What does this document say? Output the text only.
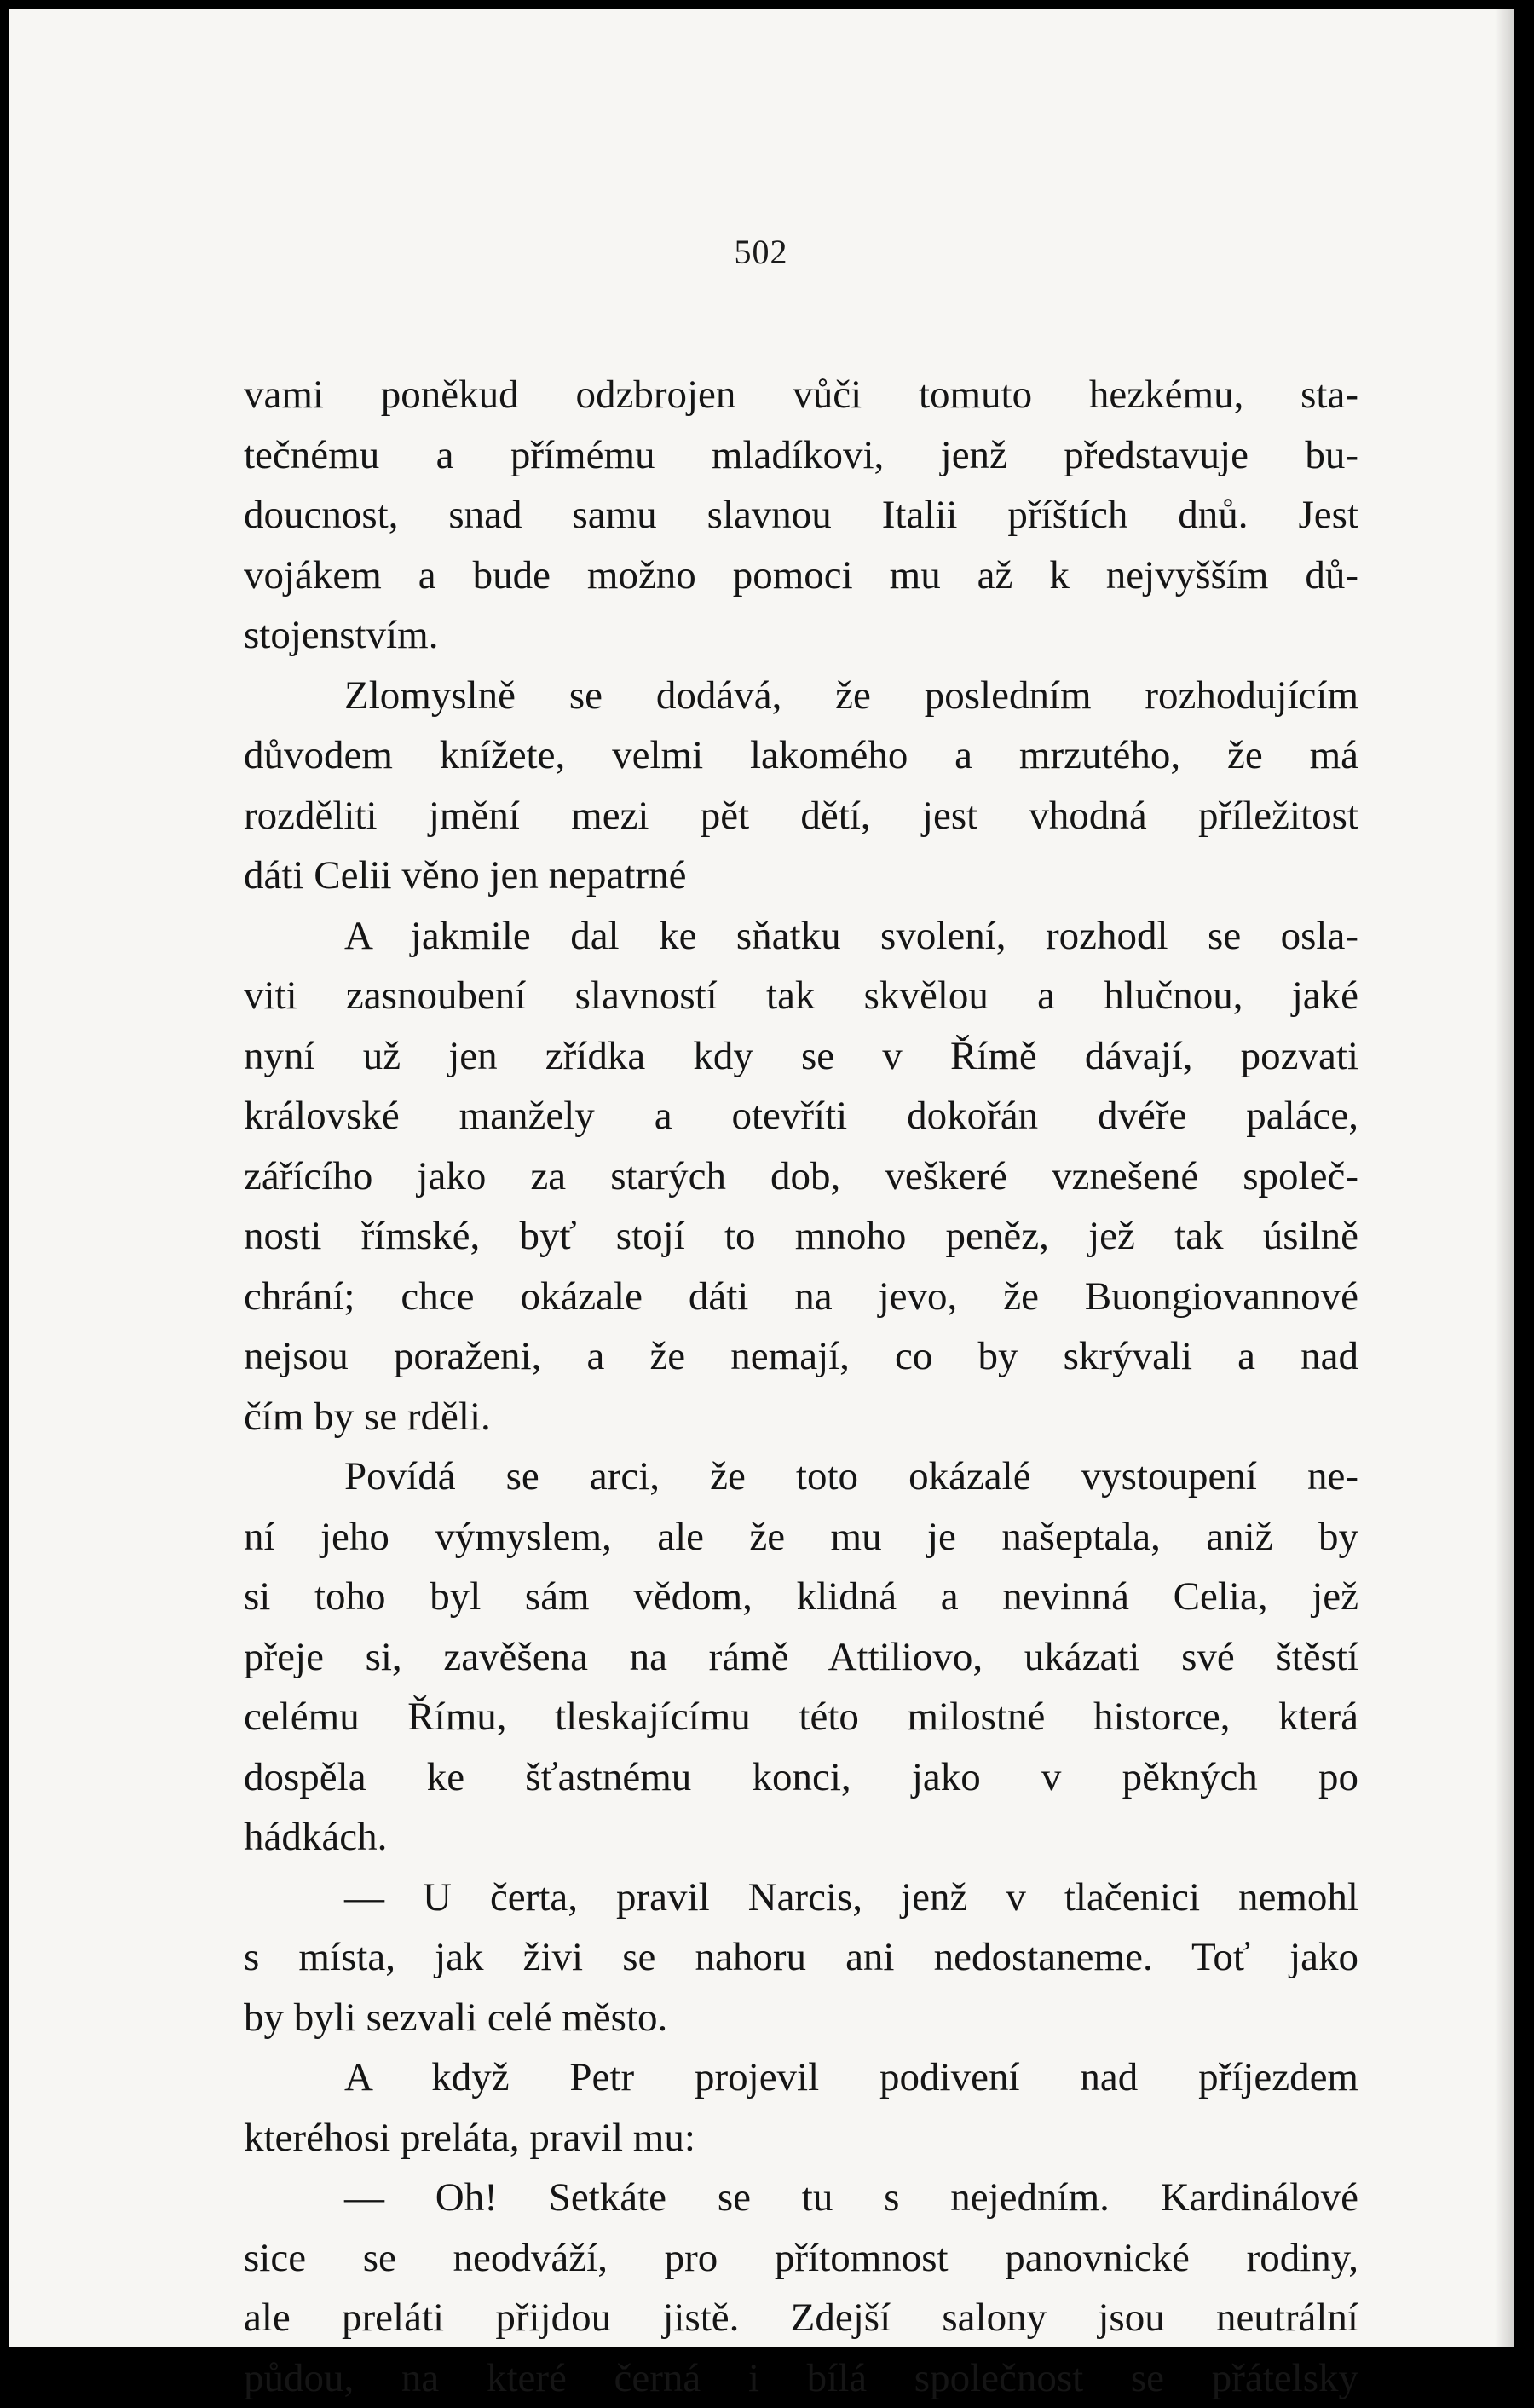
502
vami poněkud odzbrojen vůči tomuto hezkému, sta-
tečnému a přímému mladíkovi, jenž představuje bu-
doucnost, snad samu slavnou Italii příštích dnů. Jest
vojákem a bude možno pomoci mu až k nejvyšším dů-
stojenstvím.
Zlomyslně se dodává, že posledním rozhodujícím
důvodem knížete, velmi lakomého a mrzutého, že má
rozděliti jmění mezi pět dětí, jest vhodná příležitost
dáti Celii věno jen nepatrné
A jakmile dal ke sňatku svolení, rozhodl se osla-
viti zasnoubení slavností tak skvělou a hlučnou, jaké
nyní už jen zřídka kdy se v Římě dávají, pozvati
královské manžely a otevříti dokořán dvéře paláce,
zářícího jako za starých dob, veškeré vznešené společ-
nosti římské, byť stojí to mnoho peněz, jež tak úsilně
chrání; chce okázale dáti na jevo, že Buongiovannové
nejsou poraženi, a že nemají, co by skrývali a nad
čím by se rděli.
Povídá se arci, že toto okázalé vystoupení ne-
ní jeho výmyslem, ale že mu je našeptala, aniž by
si toho byl sám vědom, klidná a nevinná Celia, jež
přeje si, zavěšena na rámě Attiliovo, ukázati své štěstí
celému Římu, tleskajícímu této milostné historce, která
dospěla ke šťastnému konci, jako v pěkných po
hádkách.
— U čerta, pravil Narcis, jenž v tlačenici nemohl
s místa, jak živi se nahoru ani nedostaneme. Toť jako
by byli sezvali celé město.
A když Petr projevil podivení nad příjezdem
kteréhosi preláta, pravil mu:
— Oh! Setkáte se tu s nejedním. Kardinálové
sice se neodváží, pro přítomnost panovnické rodiny,
ale preláti přijdou jistě. Zdejší salony jsou neutrální
půdou, na které černá i bílá společnost se přátelsky
